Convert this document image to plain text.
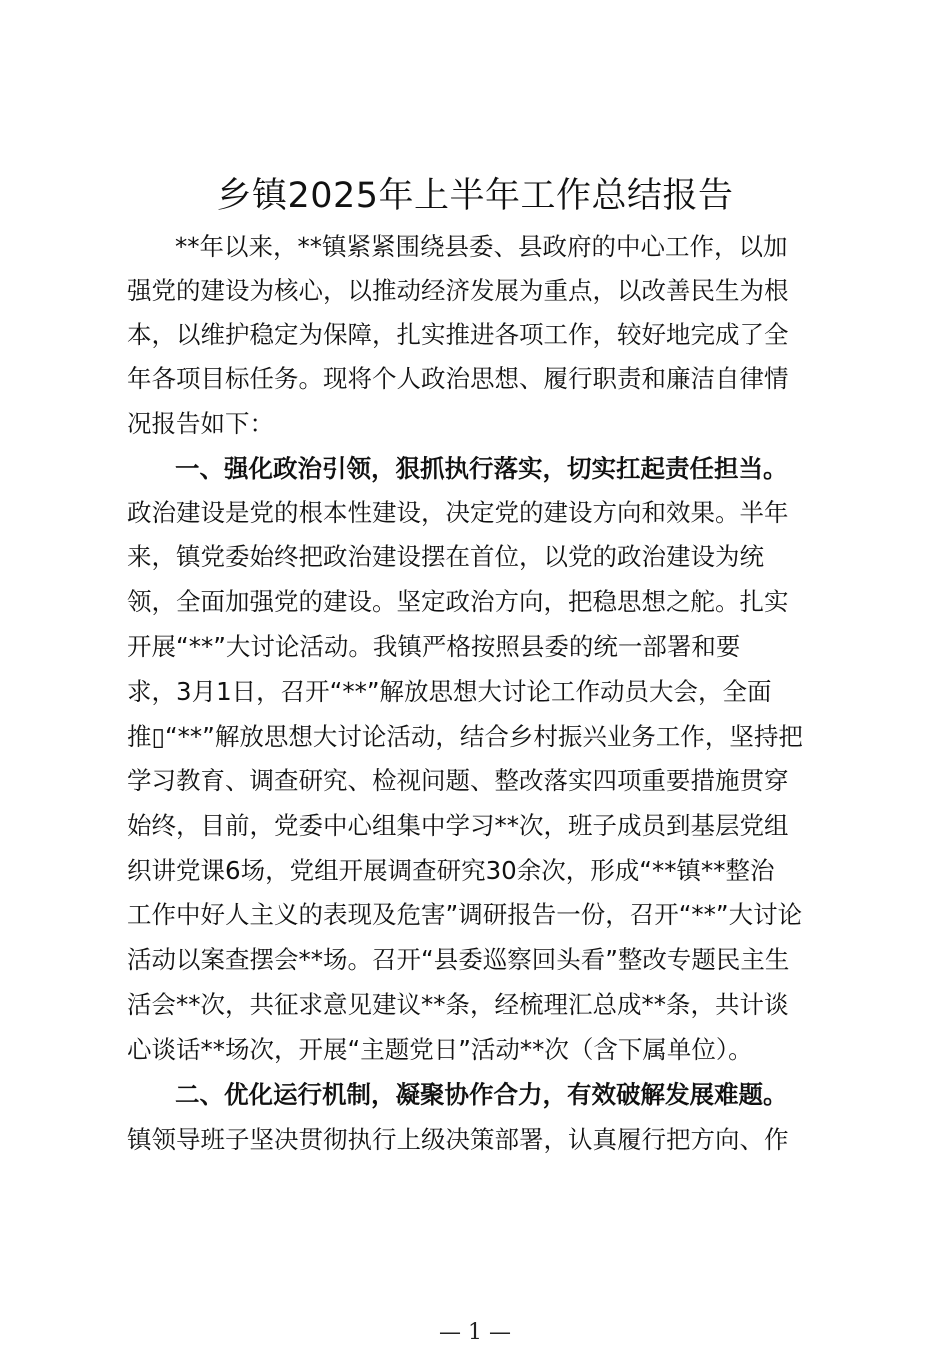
乡镇2025年上半年工作总结报告

**年以来，**镇紧紧围绕县委、县政府的中心工作，以加

强党的建设为核心，以推动经济发展为重点，以改善民生为根

本，以维护稳定为保障，扎实推进各项工作，较好地完成了全

年各项目标任务。现将个人政治思想、履行职责和廉洁自律情

况报告如下：

一、强化政治引领，狠抓执行落实，切实扛起责任担当。

政治建设是党的根本性建设，决定党的建设方向和效果。半年

来，镇党委始终把政治建设摆在首位，以党的政治建设为统

领，全面加强党的建设。坚定政治方向，把稳思想之舵。扎实

开展“**”大讨论活动。我镇严格按照县委的统一部署和要

求，3月1日，召开“**”解放思想大讨论工作动员大会，全面

推▯“**”解放思想大讨论活动，结合乡村振兴业务工作，坚持把

学习教育、调查研究、检视问题、整改落实四项重要措施贯穿

始终，目前，党委中心组集中学习**次，班子成员到基层党组

织讲党课6场，党组开展调查研究30余次，形成“**镇**整治

工作中好人主义的表现及危害”调研报告一份，召开“**”大讨论

活动以案查摆会**场。召开“县委巡察回头看”整改专题民主生

活会**次，共征求意见建议**条，经梳理汇总成**条，共计谈

心谈话**场次，开展“主题党日”活动**次（含下属单位）。

二、优化运行机制，凝聚协作合力，有效破解发展难题。

镇领导班子坚决贯彻执行上级决策部署，认真履行把方向、作

— 1 —
